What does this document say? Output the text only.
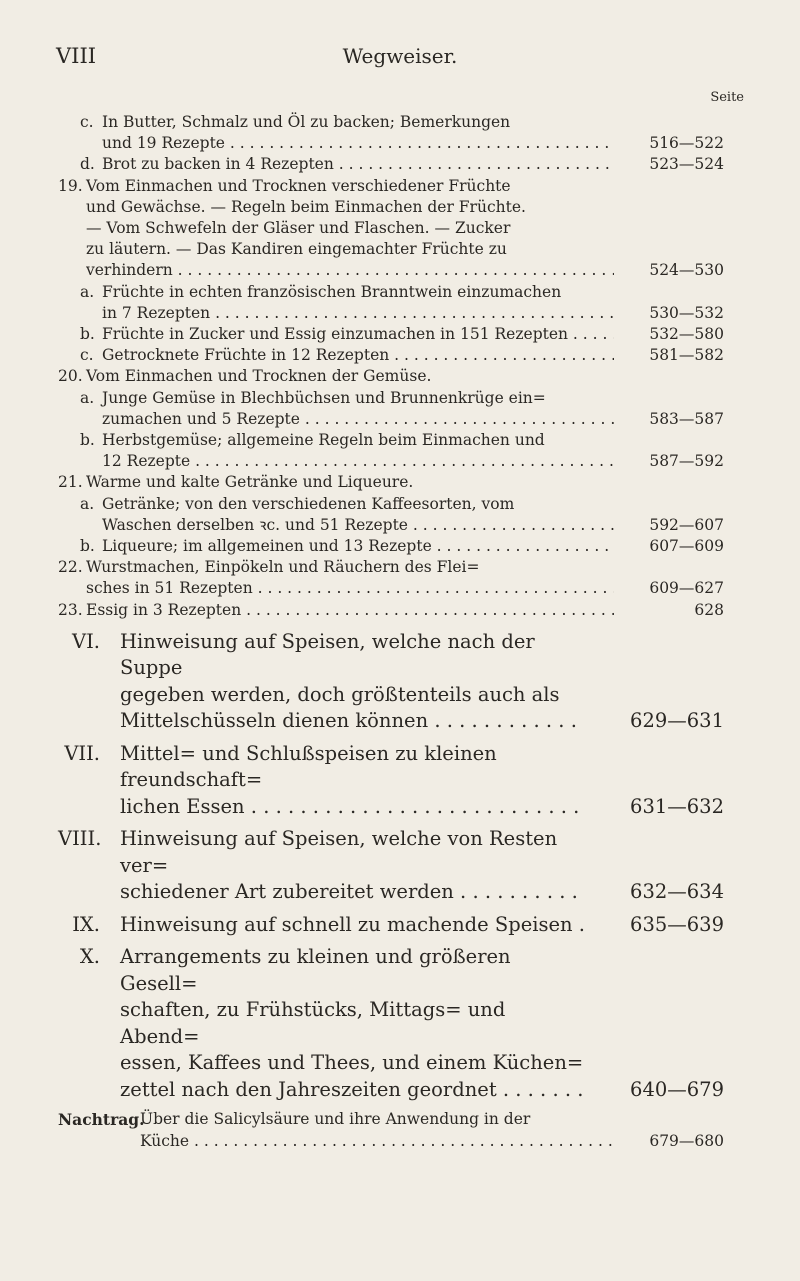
VIII	Wegweiser.
Seite
c. In Butter, Schmalz und Öl zu backen; Bemerkungen
und 19 Rezepte . . .	516—522
d. Brot zu backen in 4 Rezepten . . .	523—524
19. Vom Einmachen und Trocknen verschiedener Früchte
und Gewächse. — Regeln beim Einmachen der Früchte.
— Vom Schwefeln der Gläser und Flaschen. — Zucker
zu läutern. — Das Kandiren eingemachter Früchte zu
verhindern . . .	524—530
a. Früchte in echten französischen Branntwein einzumachen
in 7 Rezepten . . .	530—532
b. Früchte in Zucker und Essig einzumachen in 151 Rezepten . . .	532—580
c. Getrocknete Früchte in 12 Rezepten . . .	581—582
20. Vom Einmachen und Trocknen der Gemüse.
a. Junge Gemüse in Blechbüchsen und Brunnenkrüge ein=
zumachen und 5 Rezepte . . .	583—587
b. Herbstgemüse; allgemeine Regeln beim Einmachen und
12 Rezepte . . .	587—592
21. Warme und kalte Getränke und Liqueure.
a. Getränke; von den verschiedenen Kaffeesorten, vom
Waschen derselben ꝛc. und 51 Rezepte . . .	592—607
b. Liqueure; im allgemeinen und 13 Rezepte . . .	607—609
22. Wurstmachen, Einpökeln und Räuchern des Flei=
sches in 51 Rezepten . . .	609—627
23. Essig in 3 Rezepten . . .	628
VI. Hinweisung auf Speisen, welche nach der Suppe
gegeben werden, doch größtenteils auch als
Mittelschüsseln dienen können . . .	629—631
VII. Mittel= und Schlußspeisen zu kleinen freundschaft=
lichen Essen . . .	631—632
VIII. Hinweisung auf Speisen, welche von Resten ver=
schiedener Art zubereitet werden . . .	632—634
IX. Hinweisung auf schnell zu machende Speisen . . .	635—639
X. Arrangements zu kleinen und größeren Gesell=
schaften, zu Frühstücks, Mittags= und Abend=
essen, Kaffees und Thees, und einem Küchen=
zettel nach den Jahreszeiten geordnet . . .	640—679
Nachtrag.
Über die Salicylsäure und ihre Anwendung in der
Küche . . .	679—680
